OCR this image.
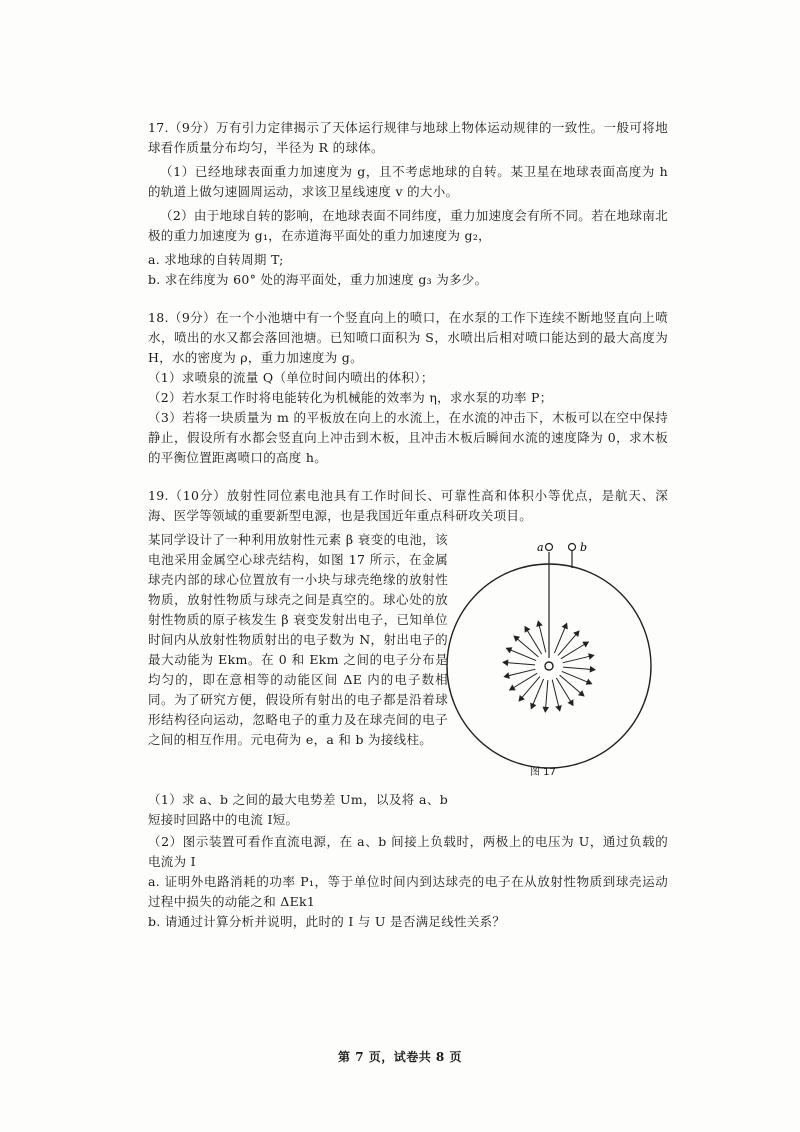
17.（9分）万有引力定律揭示了天体运行规律与地球上物体运动规律的一致性。一般可将地球看作质量分布均匀，半径为 R 的球体。

（1）已经地球表面重力加速度为 g，且不考虑地球的自转。某卫星在地球表面高度为 h 的轨道上做匀速圆周运动，求该卫星线速度 v 的大小。

（2）由于地球自转的影响，在地球表面不同纬度，重力加速度会有所不同。若在地球南北极的重力加速度为 g₁，在赤道海平面处的重力加速度为 g₂，

a. 求地球的自转周期 T;

b. 求在纬度为 60° 处的海平面处，重力加速度 g₃ 为多少。

18.（9分）在一个小池塘中有一个竖直向上的喷口，在水泵的工作下连续不断地竖直向上喷水，喷出的水又都会落回池塘。已知喷口面积为 S，水喷出后相对喷口能达到的最大高度为 H，水的密度为 ρ，重力加速度为 g。

（1）求喷泉的流量 Q（单位时间内喷出的体积）；

（2）若水泵工作时将电能转化为机械能的效率为 η，求水泵的功率 P；

（3）若将一块质量为 m 的平板放在向上的水流上，在水流的冲击下，木板可以在空中保持静止，假设所有水都会竖直向上冲击到木板，且冲击木板后瞬间水流的速度降为 0，求木板的平衡位置距离喷口的高度 h。

19.（10分）放射性同位素电池具有工作时间长、可靠性高和体积小等优点，是航天、深海、医学等领域的重要新型电源，也是我国近年重点科研攻关项目。

某同学设计了一种利用放射性元素 β 衰变的电池，该电池采用金属空心球壳结构，如图 17 所示，在金属球壳内部的球心位置放有一小块与球壳绝缘的放射性物质，放射性物质与球壳之间是真空的。球心处的放射性物质的原子核发生 β 衰变发射出电子，已知单位时间内从放射性物质射出的电子数为 N，射出电子的最大动能为 Ekm。在 0 和 Ekm 之间的电子分布是均匀的，即在意相等的动能区间 ΔE 内的电子数相同。为了研究方便，假设所有射出的电子都是沿着球形结构径向运动，忽略电子的重力及在球壳间的电子之间的相互作用。元电荷为 e，a 和 b 为接线柱。

（1）求 a、b 之间的最大电势差 Um，以及将 a、b 短接时回路中的电流 I短。

（2）图示装置可看作直流电源，在 a、b 间接上负载时，两极上的电压为 U，通过负载的电流为 I

a. 证明外电路消耗的功率 P₁，等于单位时间内到达球壳的电子在从放射性物质到球壳运动过程中损失的动能之和 ΔEk1

b. 请通过计算分析并说明，此时的 I 与 U 是否满足线性关系？

a	b
图 17
第 7 页，试卷共 8 页
